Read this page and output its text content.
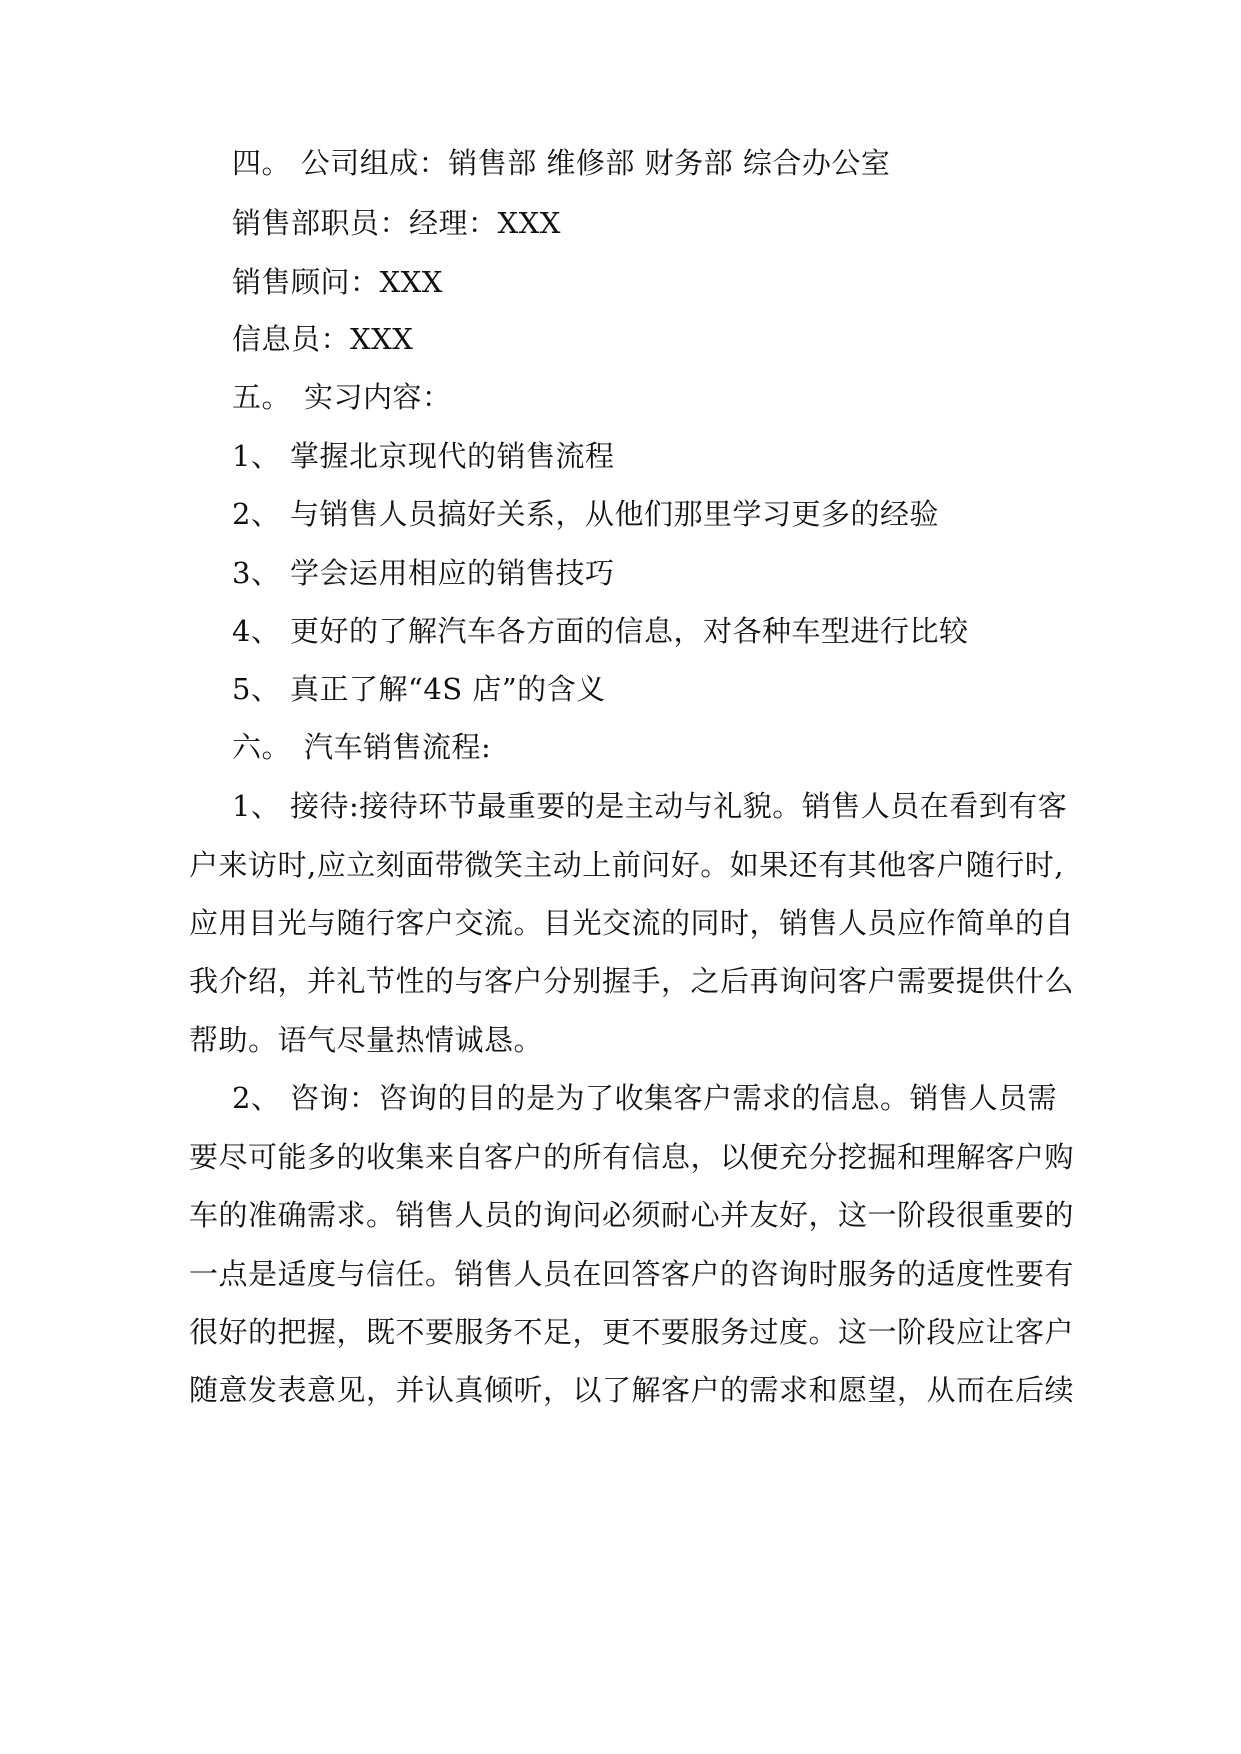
四。 公司组成：销售部 维修部 财务部 综合办公室
销售部职员：经理：XXX
销售顾问：XXX
信息员：XXX
五。 实习内容：
1、 掌握北京现代的销售流程
2、 与销售人员搞好关系，从他们那里学习更多的经验
3、 学会运用相应的销售技巧
4、 更好的了解汽车各方面的信息，对各种车型进行比较
5、 真正了解“4S 店”的含义
六。 汽车销售流程:
1、 接待:接待环节最重要的是主动与礼貌。销售人员在看到有客
户来访时,应立刻面带微笑主动上前问好。如果还有其他客户随行时,
应用目光与随行客户交流。目光交流的同时，销售人员应作简单的自
我介绍，并礼节性的与客户分别握手，之后再询问客户需要提供什么
帮助。语气尽量热情诚恳。
2、 咨询：咨询的目的是为了收集客户需求的信息。销售人员需
要尽可能多的收集来自客户的所有信息，以便充分挖掘和理解客户购
车的准确需求。销售人员的询问必须耐心并友好，这一阶段很重要的
一点是适度与信任。销售人员在回答客户的咨询时服务的适度性要有
很好的把握，既不要服务不足，更不要服务过度。这一阶段应让客户
随意发表意见，并认真倾听，以了解客户的需求和愿望，从而在后续
